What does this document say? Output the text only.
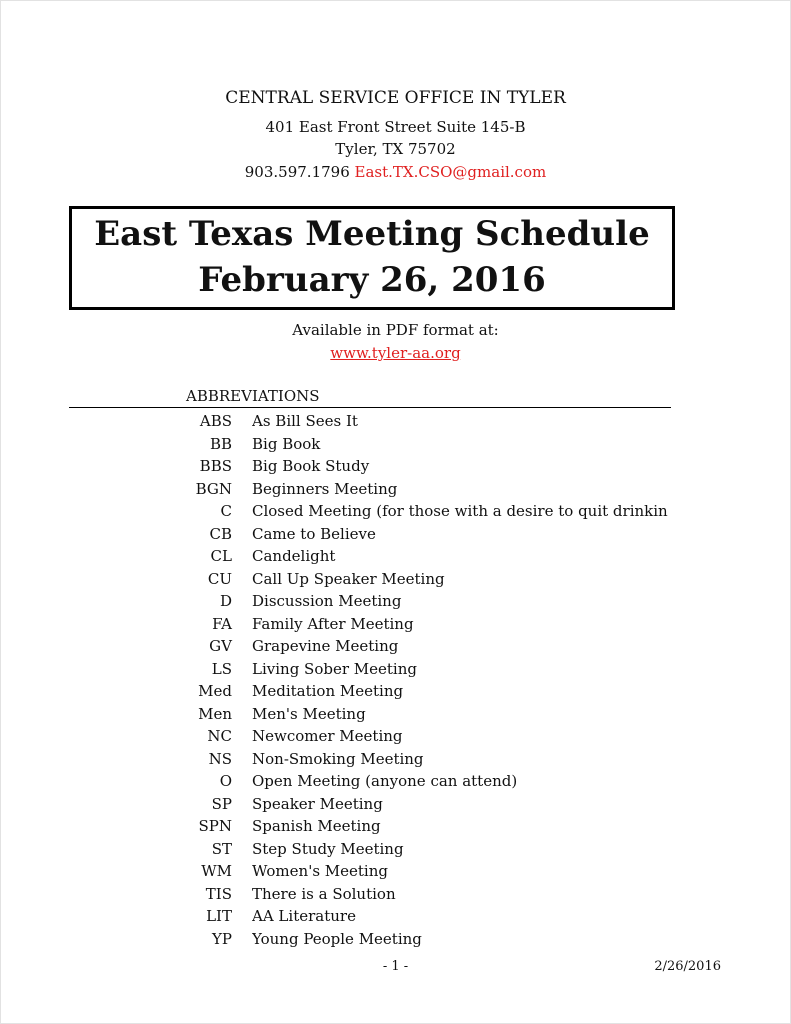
CENTRAL SERVICE OFFICE IN TYLER
401 East Front Street Suite 145-B
Tyler, TX 75702
903.597.1796 East.TX.CSO@gmail.com
East Texas Meeting Schedule
February 26, 2016
Available in PDF format at:
www.tyler-aa.org
ABBREVIATIONS
ABS As Bill Sees It
BB Big Book
BBS Big Book Study
BGN Beginners Meeting
C Closed Meeting (for those with a desire to quit drinkin
CB Came to Believe
CL Candelight
CU Call Up Speaker Meeting
D Discussion Meeting
FA Family After Meeting
GV Grapevine Meeting
LS Living Sober Meeting
Med Meditation Meeting
Men Men's Meeting
NC Newcomer Meeting
NS Non-Smoking Meeting
O Open Meeting (anyone can attend)
SP Speaker Meeting
SPN Spanish Meeting
ST Step Study Meeting
WM Women's Meeting
TIS There is a Solution
LIT AA Literature
YP Young People Meeting
- 1 -	2/26/2016
